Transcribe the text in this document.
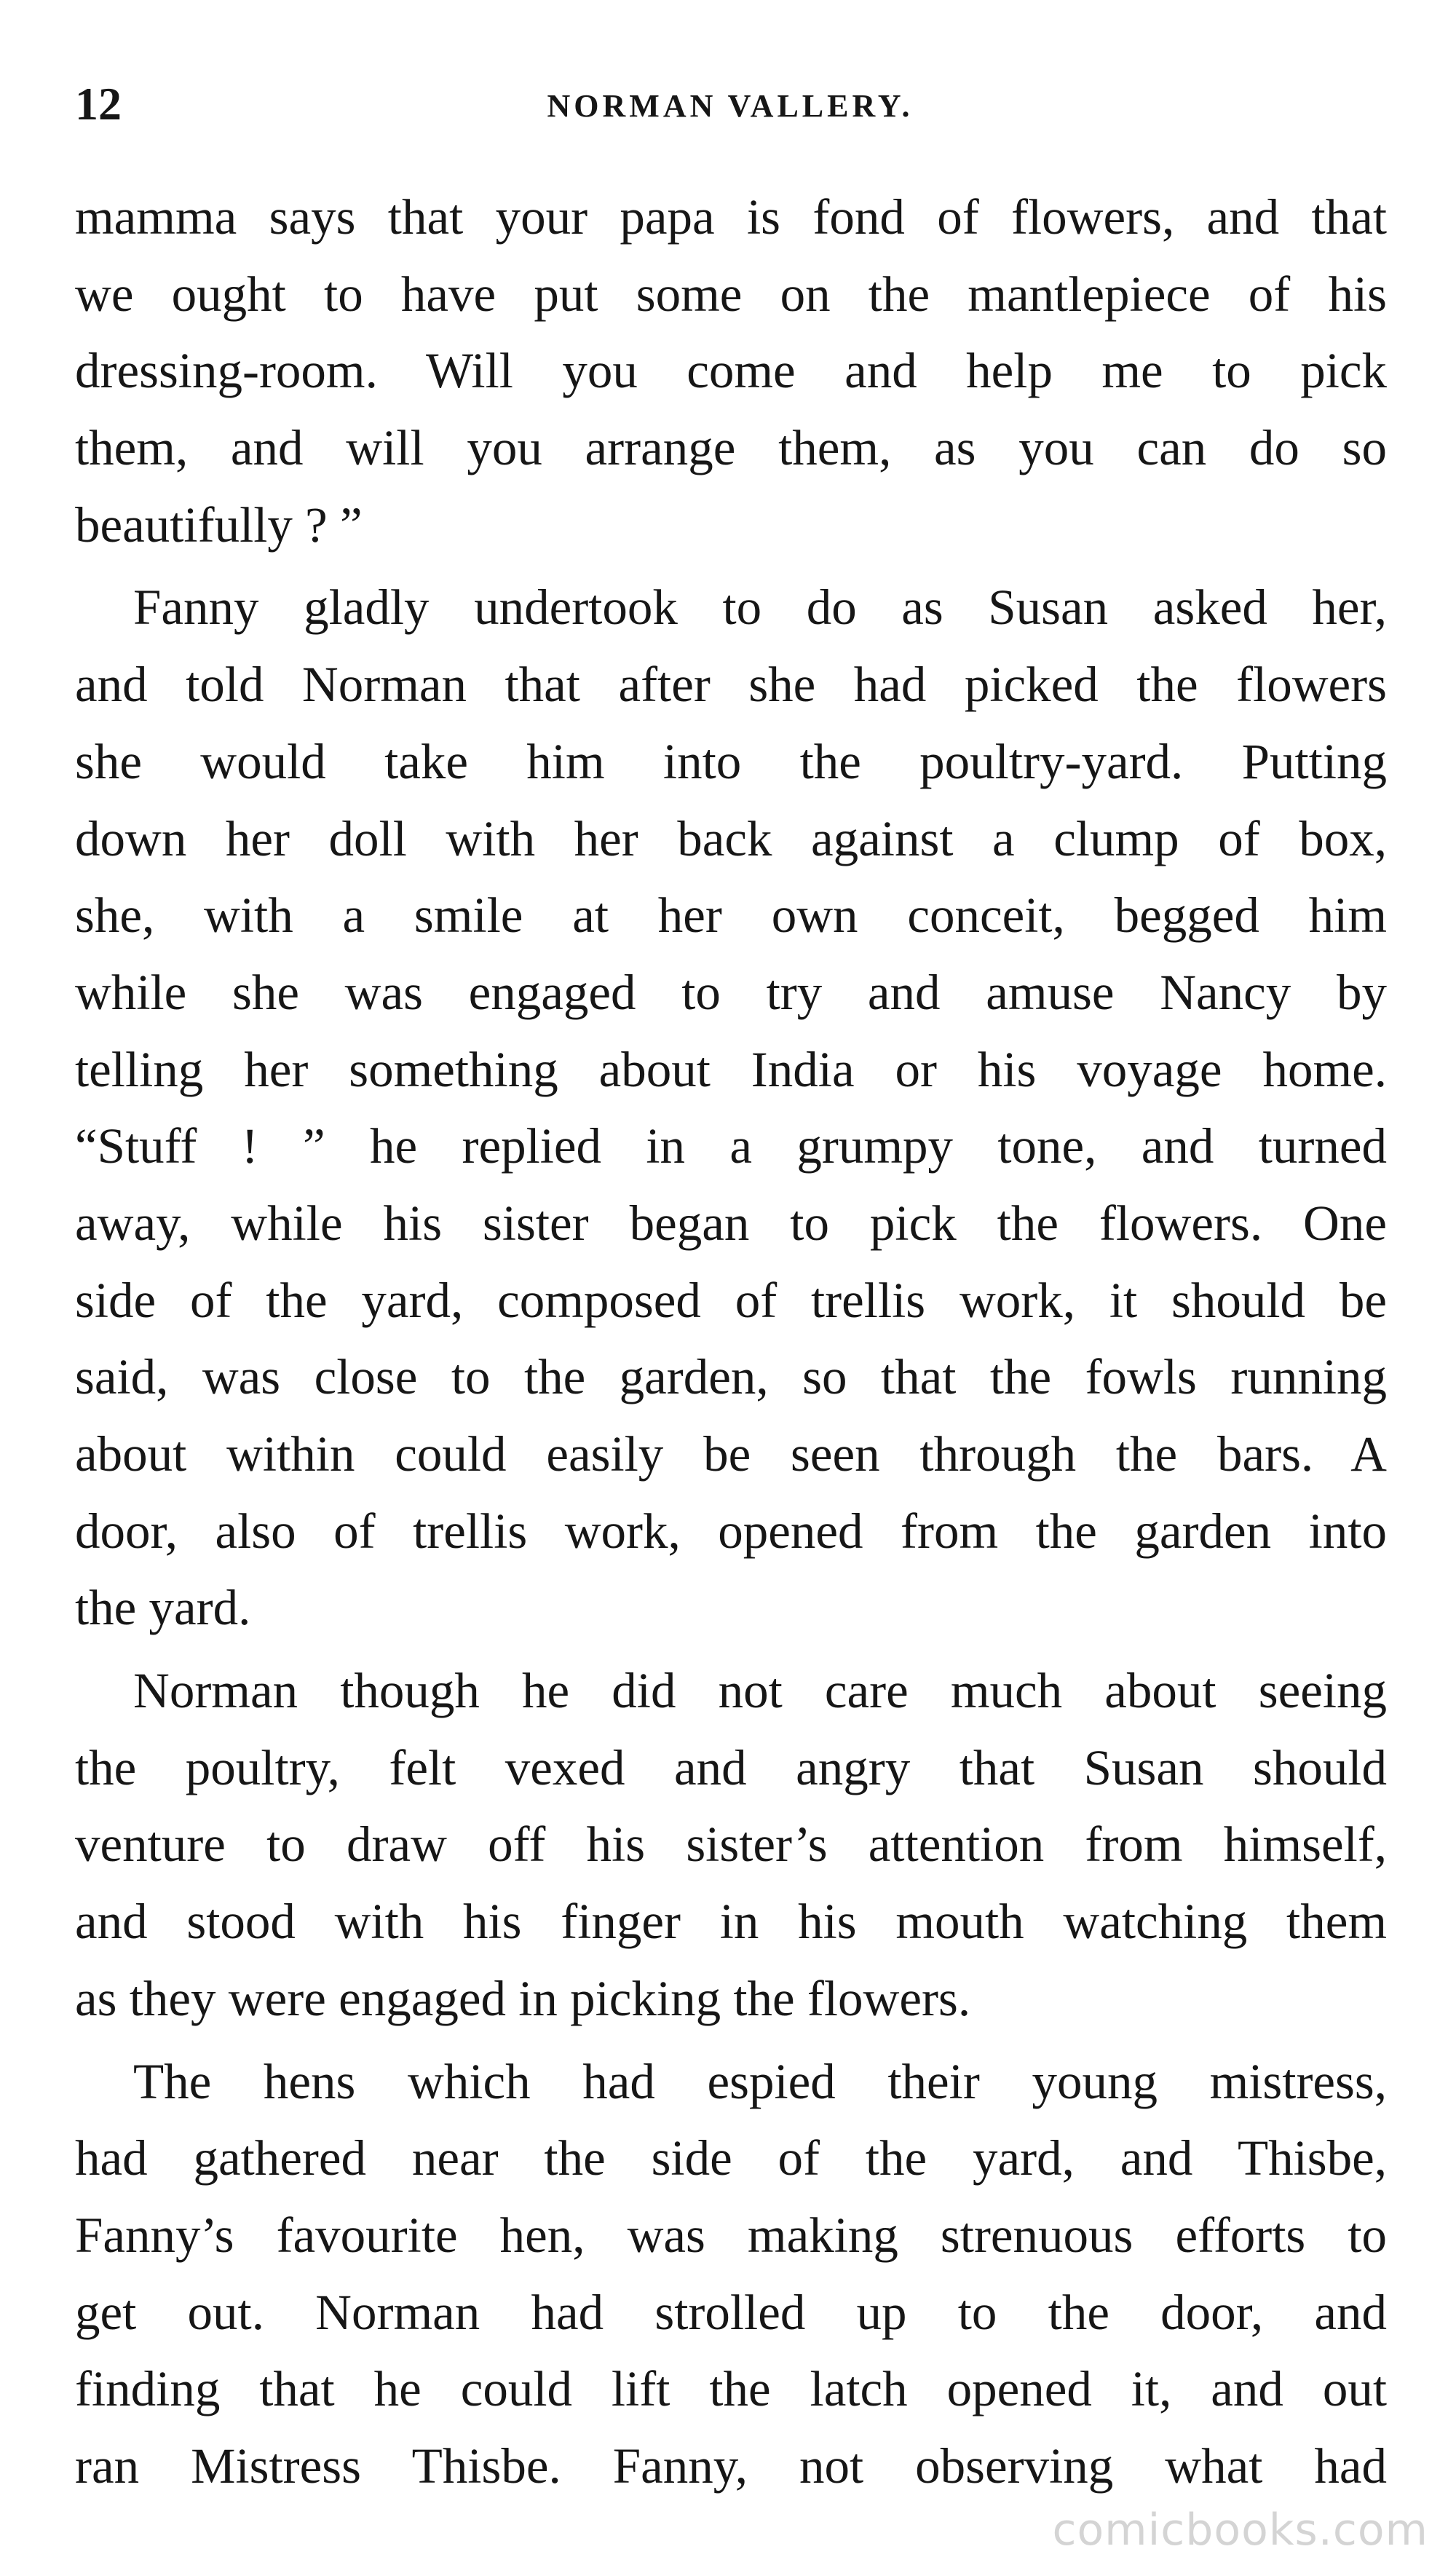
12	NORMAN VALLERY.
mamma says that your papa is fond of flowers, and that
we ought to have put some on the mantlepiece of his
dressing-room. Will you come and help me to pick
them, and will you arrange them, as you can do so
beautifully ? ”
Fanny gladly undertook to do as Susan asked her,
and told Norman that after she had picked the flowers
she would take him into the poultry-yard. Putting
down her doll with her back against a clump of box,
she, with a smile at her own conceit, begged him
while she was engaged to try and amuse Nancy by
telling her something about India or his voyage home.
“Stuff ! ” he replied in a grumpy tone, and turned
away, while his sister began to pick the flowers. One
side of the yard, composed of trellis work, it should be
said, was close to the garden, so that the fowls running
about within could easily be seen through the bars. A
door, also of trellis work, opened from the garden into
the yard.
Norman though he did not care much about seeing
the poultry, felt vexed and angry that Susan should
venture to draw off his sister’s attention from himself,
and stood with his finger in his mouth watching them
as they were engaged in picking the flowers.
The hens which had espied their young mistress,
had gathered near the side of the yard, and Thisbe,
Fanny’s favourite hen, was making strenuous efforts to
get out. Norman had strolled up to the door, and
finding that he could lift the latch opened it, and out
ran Mistress Thisbe. Fanny, not observing what had
comicbooks.com
